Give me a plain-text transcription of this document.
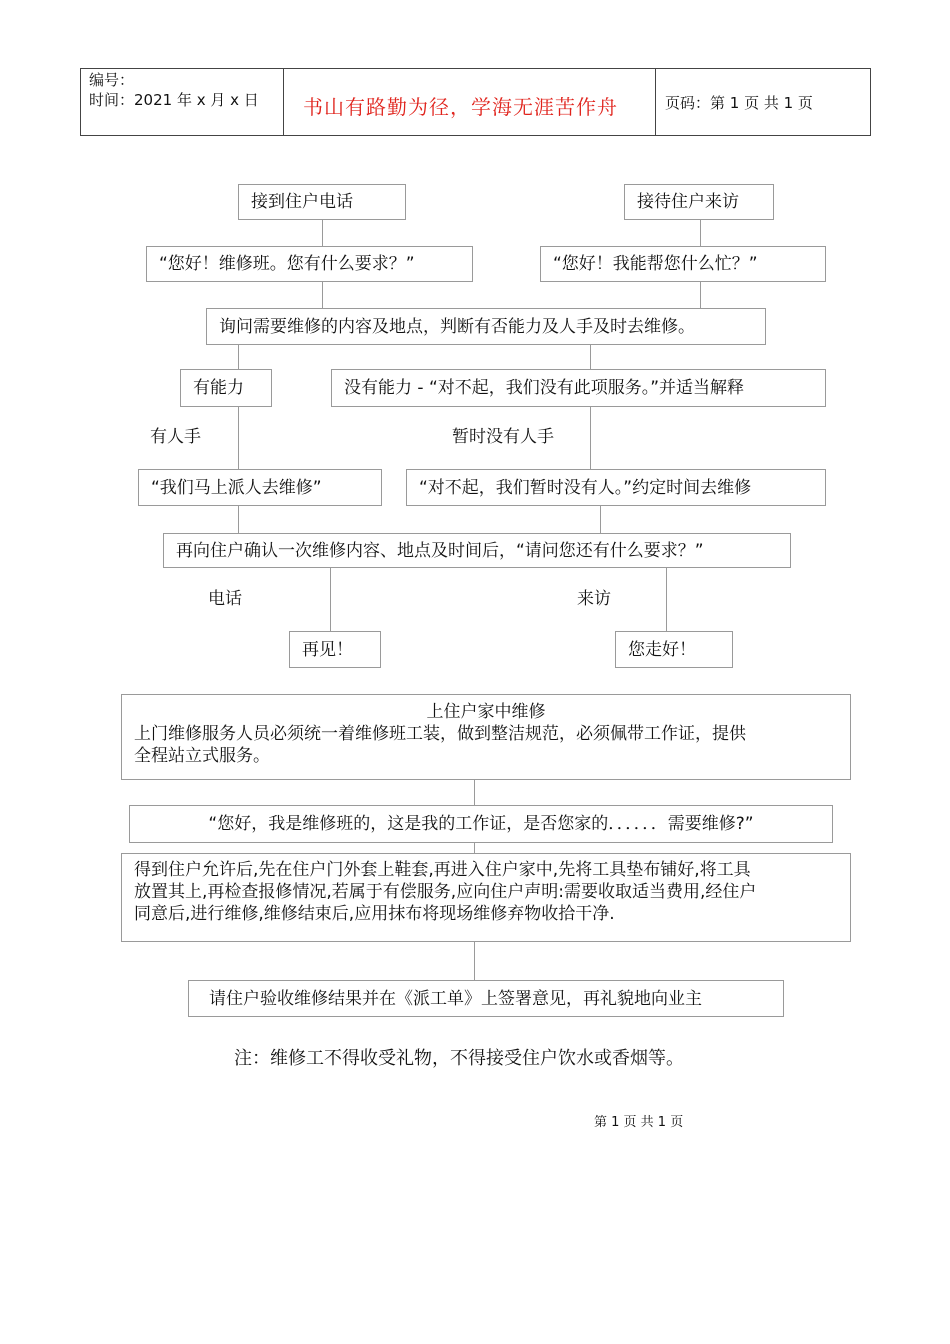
编号：
时间：2021 年 x 月 x 日 书山有路勤为径，学海无涯苦作舟	页码：第 1 页 共 1 页
接到住户电话	接待住户来访
“您好！维修班。您有什么要求？”	“您好！我能帮您什么忙？”
询问需要维修的内容及地点，判断有否能力及人手及时去维修。
有能力	没有能力 - “对不起，我们没有此项服务。”并适当解释
有人手	暂时没有人手
“我们马上派人去维修”	“对不起，我们暂时没有人。”约定时间去维修
再向住户确认一次维修内容、地点及时间后，“请问您还有什么要求？”
电话	来访
再见！	您走好！
上住户家中维修
上门维修服务人员必须统一着维修班工装，做到整洁规范，必须佩带工作证，提供
全程站立式服务。
“您好，我是维修班的，这是我的工作证，是否您家的．．．．．．需要维修?”
得到住户允许后,先在住户门外套上鞋套,再进入住户家中,先将工具垫布铺好,将工具
放置其上,再检查报修情况,若属于有偿服务,应向住户声明:需要收取适当费用,经住户
同意后,进行维修,维修结束后,应用抹布将现场维修弃物收拾干净.
请住户验收维修结果并在《派工单》上签署意见，再礼貌地向业主
注：维修工不得收受礼物，不得接受住户饮水或香烟等。
第 1 页 共 1 页
